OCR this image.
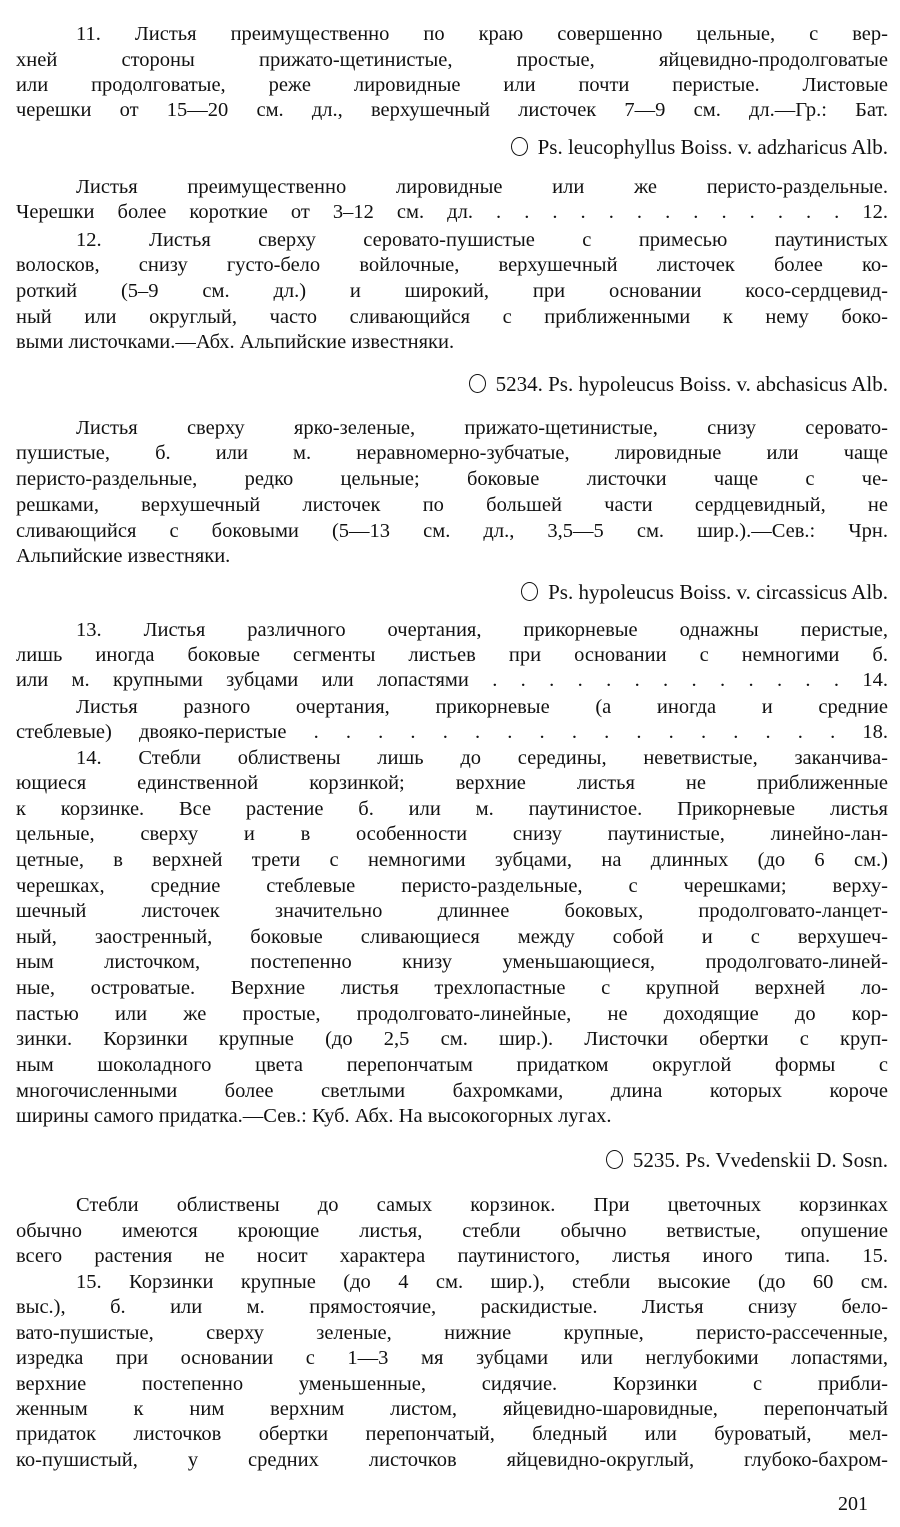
11. Листья преимущественно по краю совершенно цельные, с вер-
хней стороны прижато-щетинистые, простые, яйцевидно-продолговатые
или продолговатые, реже лировидные или почти перистые. Листовые
черешки от 15—20 см. дл., верхушечный листочек 7—9 см. дл.—Гр.: Бат.
Ps. leucophyllus Boiss. v. adzharicus Alb.
Листья преимущественно лировидные или же перисто-раздельные.
Черешки более короткие от 3–12 см. дл. . . . . . . . . . . . . . 12.
12. Листья сверху серовато-пушистые с примесью паутинистых
волосков, снизу густо-бело войлочные, верхушечный листочек более ко-
роткий (5–9 см. дл.) и широкий, при основании косо-сердцевид-
ный или округлый, часто сливающийся с приближенными к нему боко-
выми листочками.—Абх. Альпийские известняки.
5234. Ps. hypoleucus Boiss. v. abchasicus Alb.
Листья сверху ярко-зеленые, прижато-щетинистые, снизу серовато-
пушистые, б. или м. неравномерно-зубчатые, лировидные или чаще
перисто-раздельные, редко цельные; боковые листочки чаще с че-
решками, верхушечный листочек по большей части сердцевидный, не
сливающийся с боковыми (5—13 см. дл., 3,5—5 см. шир.).—Сев.: Чрн.
Альпийские известняки.
Ps. hypoleucus Boiss. v. circassicus Alb.
13. Листья различного очертания, прикорневые однажны перистые,
лишь иногда боковые сегменты листьев при основании с немногими б.
или м. крупными зубцами или лопастями . . . . . . . . . . . . . 14.
Листья разного очертания, прикорневые (а иногда и средние
стеблевые) двояко-перистые . . . . . . . . . . . . . . . . . 18.
14. Стебли облиствены лишь до середины, неветвистые, заканчива-
ющиеся единственной корзинкой; верхние листья не приближенные
к корзинке. Все растение б. или м. паутинистое. Прикорневые листья
цельные, сверху и в особенности снизу паутинистые, линейно-лан-
цетные, в верхней трети с немногими зубцами, на длинных (до 6 см.)
черешках, средние стеблевые перисто-раздельные, с черешками; верху-
шечный листочек значительно длиннее боковых, продолговато-ланцет-
ный, заостренный, боковые сливающиеся между собой и с верхушеч-
ным листочком, постепенно книзу уменьшающиеся, продолговато-линей-
ные, островатые. Верхние листья трехлопастные с крупной верхней ло-
пастью или же простые, продолговато-линейные, не доходящие до кор-
зинки. Корзинки крупные (до 2,5 см. шир.). Листочки обертки с круп-
ным шоколадного цвета перепончатым придатком округлой формы с
многочисленными более светлыми бахромками, длина которых короче
ширины самого придатка.—Сев.: Куб. Абх. На высокогорных лугах.
5235. Ps. Vvedenskii D. Sosn.
Стебли облиствены до самых корзинок. При цветочных корзинках
обычно имеются кроющие листья, стебли обычно ветвистые, опушение
всего растения не носит характера паутинистого, листья иного типа. 15.
15. Корзинки крупные (до 4 см. шир.), стебли высокие (до 60 см.
выс.), б. или м. прямостоячие, раскидистые. Листья снизу бело-
вато-пушистые, сверху зеленые, нижние крупные, перисто-рассеченные,
изредка при основании с 1—3 мя зубцами или неглубокими лопастями,
верхние постепенно уменьшенные, сидячие. Корзинки с прибли-
женным к ним верхним листом, яйцевидно-шаровидные, перепончатый
придаток листочков обертки перепончатый, бледный или буроватый, мел-
ко-пушистый, у средних листочков яйцевидно-округлый, глубоко-бахром-
201
